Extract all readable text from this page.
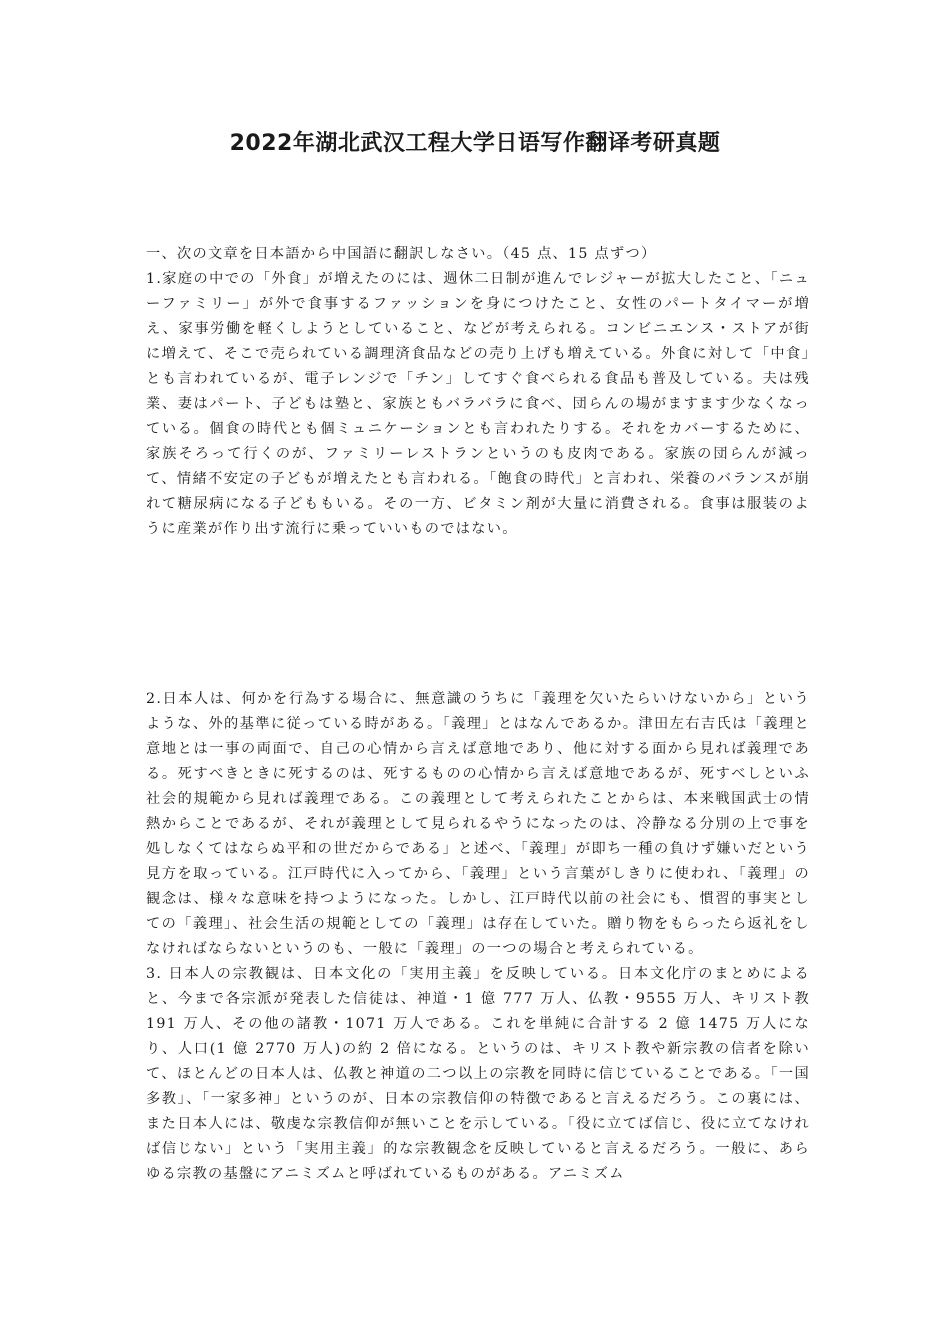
2022年湖北武汉工程大学日语写作翻译考研真题

一、次の文章を日本語から中国語に翻訳しなさい。（45 点、15 点ずつ）

1.家庭の中での「外食」が増えたのには、週休二日制が進んでレジャーが拡大したこと、「ニューファミリー」が外で食事するファッションを身につけたこと、女性のパートタイマーが増え、家事労働を軽くしようとしていること、などが考えられる。コンビニエンス・ストアが街に増えて、そこで売られている調理済食品などの売り上げも増えている。外食に対して「中食」とも言われているが、電子レンジで「チン」してすぐ食べられる食品も普及している。夫は残業、妻はパート、子どもは塾と、家族ともバラバラに食べ、団らんの場がますます少なくなっている。個食の時代とも個ミュニケーションとも言われたりする。それをカバーするために、家族そろって行くのが、ファミリーレストランというのも皮肉である。家族の団らんが減って、情緒不安定の子どもが増えたとも言われる。「飽食の時代」と言われ、栄養のバランスが崩れて糖尿病になる子どももいる。その一方、ビタミン剤が大量に消費される。食事は服装のように産業が作り出す流行に乗っていいものではない。

2.日本人は、何かを行為する場合に、無意識のうちに「義理を欠いたらいけないから」というような、外的基準に従っている時がある。「義理」とはなんであるか。津田左右吉氏は「義理と意地とは一事の両面で、自己の心情から言えば意地であり、他に対する面から見れば義理である。死すべきときに死するのは、死するものの心情から言えば意地であるが、死すべしといふ社会的規範から見れば義理である。この義理として考えられたことからは、本来戦国武士の情熱からことであるが、それが義理として見られるやうになったのは、冷静なる分別の上で事を処しなくてはならぬ平和の世だからである」と述べ、「義理」が即ち一種の負けず嫌いだという見方を取っている。江戸時代に入ってから、「義理」という言葉がしきりに使われ、「義理」の観念は、様々な意味を持つようになった。しかし、江戸時代以前の社会にも、慣習的事実としての「義理」、社会生活の規範としての「義理」は存在していた。贈り物をもらったら返礼をしなければならないというのも、一般に「義理」の一つの場合と考えられている。

3. 日本人の宗教観は、日本文化の「実用主義」を反映している。日本文化庁のまとめによると、今まで各宗派が発表した信徒は、神道・1 億 777 万人、仏教・9555 万人、キリスト教 191 万人、その他の諸教・1071 万人である。これを単純に合計する 2 億 1475 万人になり、人口(1 億 2770 万人)の約 2 倍になる。というのは、キリスト教や新宗教の信者を除いて、ほとんどの日本人は、仏教と神道の二つ以上の宗教を同時に信じていることである。「一国多教」、「一家多神」というのが、日本の宗教信仰の特徴であると言えるだろう。この裏には、また日本人には、敬虔な宗教信仰が無いことを示している。「役に立てば信じ、役に立てなければ信じない」という「実用主義」的な宗教観念を反映していると言えるだろう。一般に、あらゆる宗教の基盤にアニミズムと呼ばれているものがある。アニミズム
